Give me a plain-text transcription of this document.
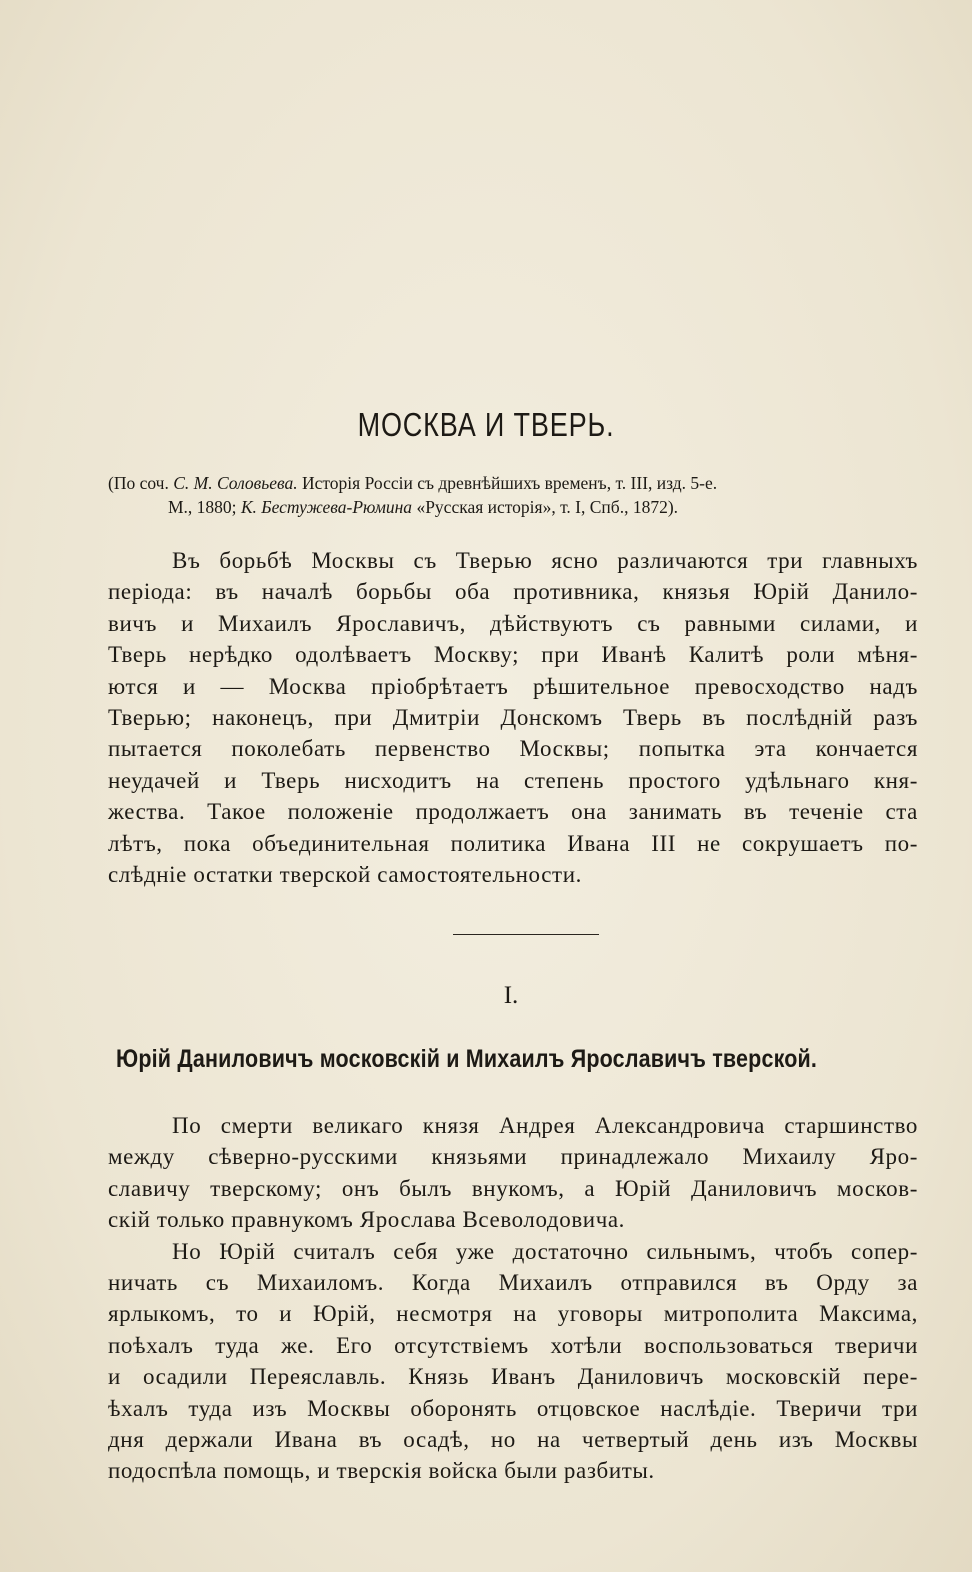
МОСКВА И ТВЕРЬ.
(По соч. С. М. Соловьева. Исторія Россіи съ древнѣйшихъ временъ, т. III, изд. 5-е.
М., 1880; К. Бестужева-Рюмина «Русская исторія», т. I, Спб., 1872).
Въ борьбѣ Москвы съ Тверью ясно различаются три главныхъ
періода: въ началѣ борьбы оба противника, князья Юрій Данило-
вичъ и Михаилъ Ярославичъ, дѣйствуютъ съ равными силами, и
Тверь нерѣдко одолѣваетъ Москву; при Иванѣ Калитѣ роли мѣня-
ются и — Москва пріобрѣтаетъ рѣшительное превосходство надъ
Тверью; наконецъ, при Дмитріи Донскомъ Тверь въ послѣдній разъ
пытается поколебать первенство Москвы; попытка эта кончается
неудачей и Тверь нисходитъ на степень простого удѣльнаго кня-
жества. Такое положеніе продолжаетъ она занимать въ теченіе ста
лѣтъ, пока объединительная политика Ивана III не сокрушаетъ по-
слѣдніе остатки тверской самостоятельности.
I.
Юрій Даниловичъ московскій и Михаилъ Ярославичъ тверской.
По смерти великаго князя Андрея Александровича старшинство
между сѣверно-русскими князьями принадлежало Михаилу Яро-
славичу тверскому; онъ былъ внукомъ, а Юрій Даниловичъ москов-
скій только правнукомъ Ярослава Всеволодовича.
Но Юрій считалъ себя уже достаточно сильнымъ, чтобъ сопер-
ничать съ Михаиломъ. Когда Михаилъ отправился въ Орду за
ярлыкомъ, то и Юрій, несмотря на уговоры митрополита Максима,
поѣхалъ туда же. Его отсутствіемъ хотѣли воспользоваться тверичи
и осадили Переяславль. Князь Иванъ Даниловичъ московскій пере-
ѣхалъ туда изъ Москвы оборонять отцовское наслѣдіе. Тверичи три
дня держали Ивана въ осадѣ, но на четвертый день изъ Москвы
подоспѣла помощь, и тверскія войска были разбиты.
